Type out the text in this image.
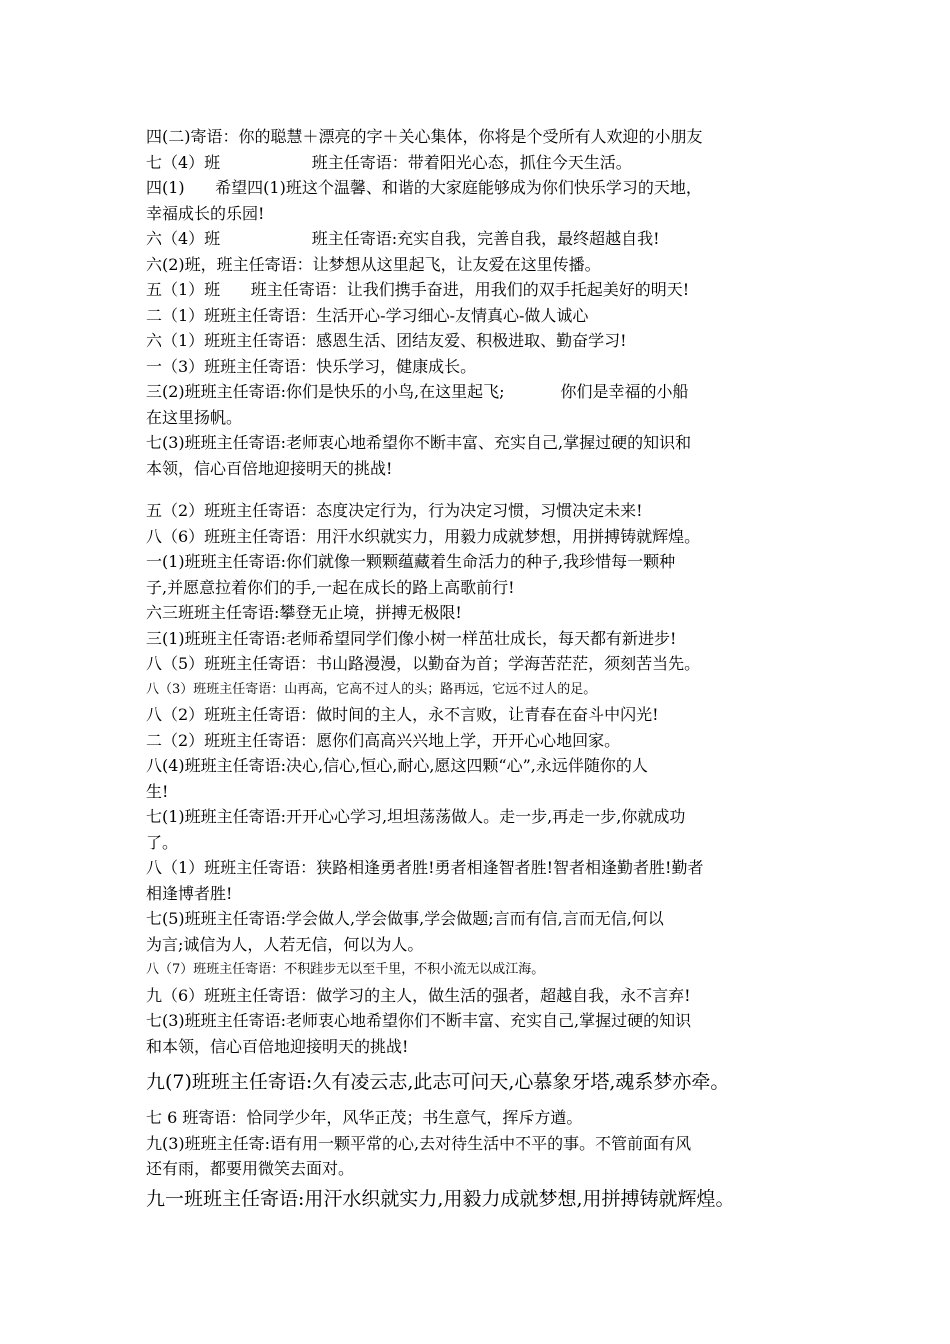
四(二)寄语：你的聪慧＋漂亮的字＋关心集体，你将是个受所有人欢迎的小朋友
七（4）班                  班主任寄语：带着阳光心态，抓住今天生活。
四(1)      希望四(1)班这个温馨、和谐的大家庭能够成为你们快乐学习的天地，
幸福成长的乐园!
六（4）班                  班主任寄语:充实自我，完善自我，最终超越自我!
六(2)班，班主任寄语：让梦想从这里起飞，让友爱在这里传播。
五（1）班      班主任寄语：让我们携手奋进，用我们的双手托起美好的明天!
二（1）班班主任寄语：生活开心-学习细心-友情真心-做人诚心
六（1）班班主任寄语：感恩生活、团结友爱、积极进取、勤奋学习!
一（3）班班主任寄语：快乐学习，健康成长。
三(2)班班主任寄语:你们是快乐的小鸟,在这里起飞;           你们是幸福的小船
在这里扬帆。
七(3)班班主任寄语:老师衷心地希望你不断丰富、充实自己,掌握过硬的知识和
本领，信心百倍地迎接明天的挑战!
五（2）班班主任寄语：态度决定行为，行为决定习惯，习惯决定未来!
八（6）班班主任寄语：用汗水织就实力，用毅力成就梦想，用拼搏铸就辉煌。
一(1)班班主任寄语:你们就像一颗颗蕴藏着生命活力的种子,我珍惜每一颗种
子,并愿意拉着你们的手,一起在成长的路上高歌前行!
六三班班主任寄语:攀登无止境，拼搏无极限!
三(1)班班主任寄语:老师希望同学们像小树一样茁壮成长，每天都有新进步!
八（5）班班主任寄语：书山路漫漫，以勤奋为首；学海苦茫茫，须刻苦当先。
八（3）班班主任寄语：山再高，它高不过人的头；路再远，它远不过人的足。
八（2）班班主任寄语：做时间的主人，永不言败，让青春在奋斗中闪光!
二（2）班班主任寄语：愿你们高高兴兴地上学，开开心心地回家。
八(4)班班主任寄语:决心,信心,恒心,耐心,愿这四颗“心”,永远伴随你的人
生!
七(1)班班主任寄语:开开心心学习,坦坦荡荡做人。走一步,再走一步,你就成功
了。
八（1）班班主任寄语：狭路相逢勇者胜!勇者相逢智者胜!智者相逢勤者胜!勤者
相逢博者胜!
七(5)班班主任寄语:学会做人,学会做事,学会做题;言而有信,言而无信,何以
为言;诚信为人，人若无信，何以为人。
八（7）班班主任寄语：不积跬步无以至千里，不积小流无以成江海。
九（6）班班主任寄语：做学习的主人，做生活的强者，超越自我，永不言弃!
七(3)班班主任寄语:老师衷心地希望你们不断丰富、充实自己,掌握过硬的知识
和本领，信心百倍地迎接明天的挑战!
九(7)班班主任寄语:久有凌云志,此志可问天,心慕象牙塔,魂系梦亦牵。
七 6 班寄语：恰同学少年，风华正茂；书生意气，挥斥方遒。
九(3)班班主任寄:语有用一颗平常的心,去对待生活中不平的事。不管前面有风
还有雨，都要用微笑去面对。
九一班班主任寄语:用汗水织就实力,用毅力成就梦想,用拼搏铸就辉煌。
